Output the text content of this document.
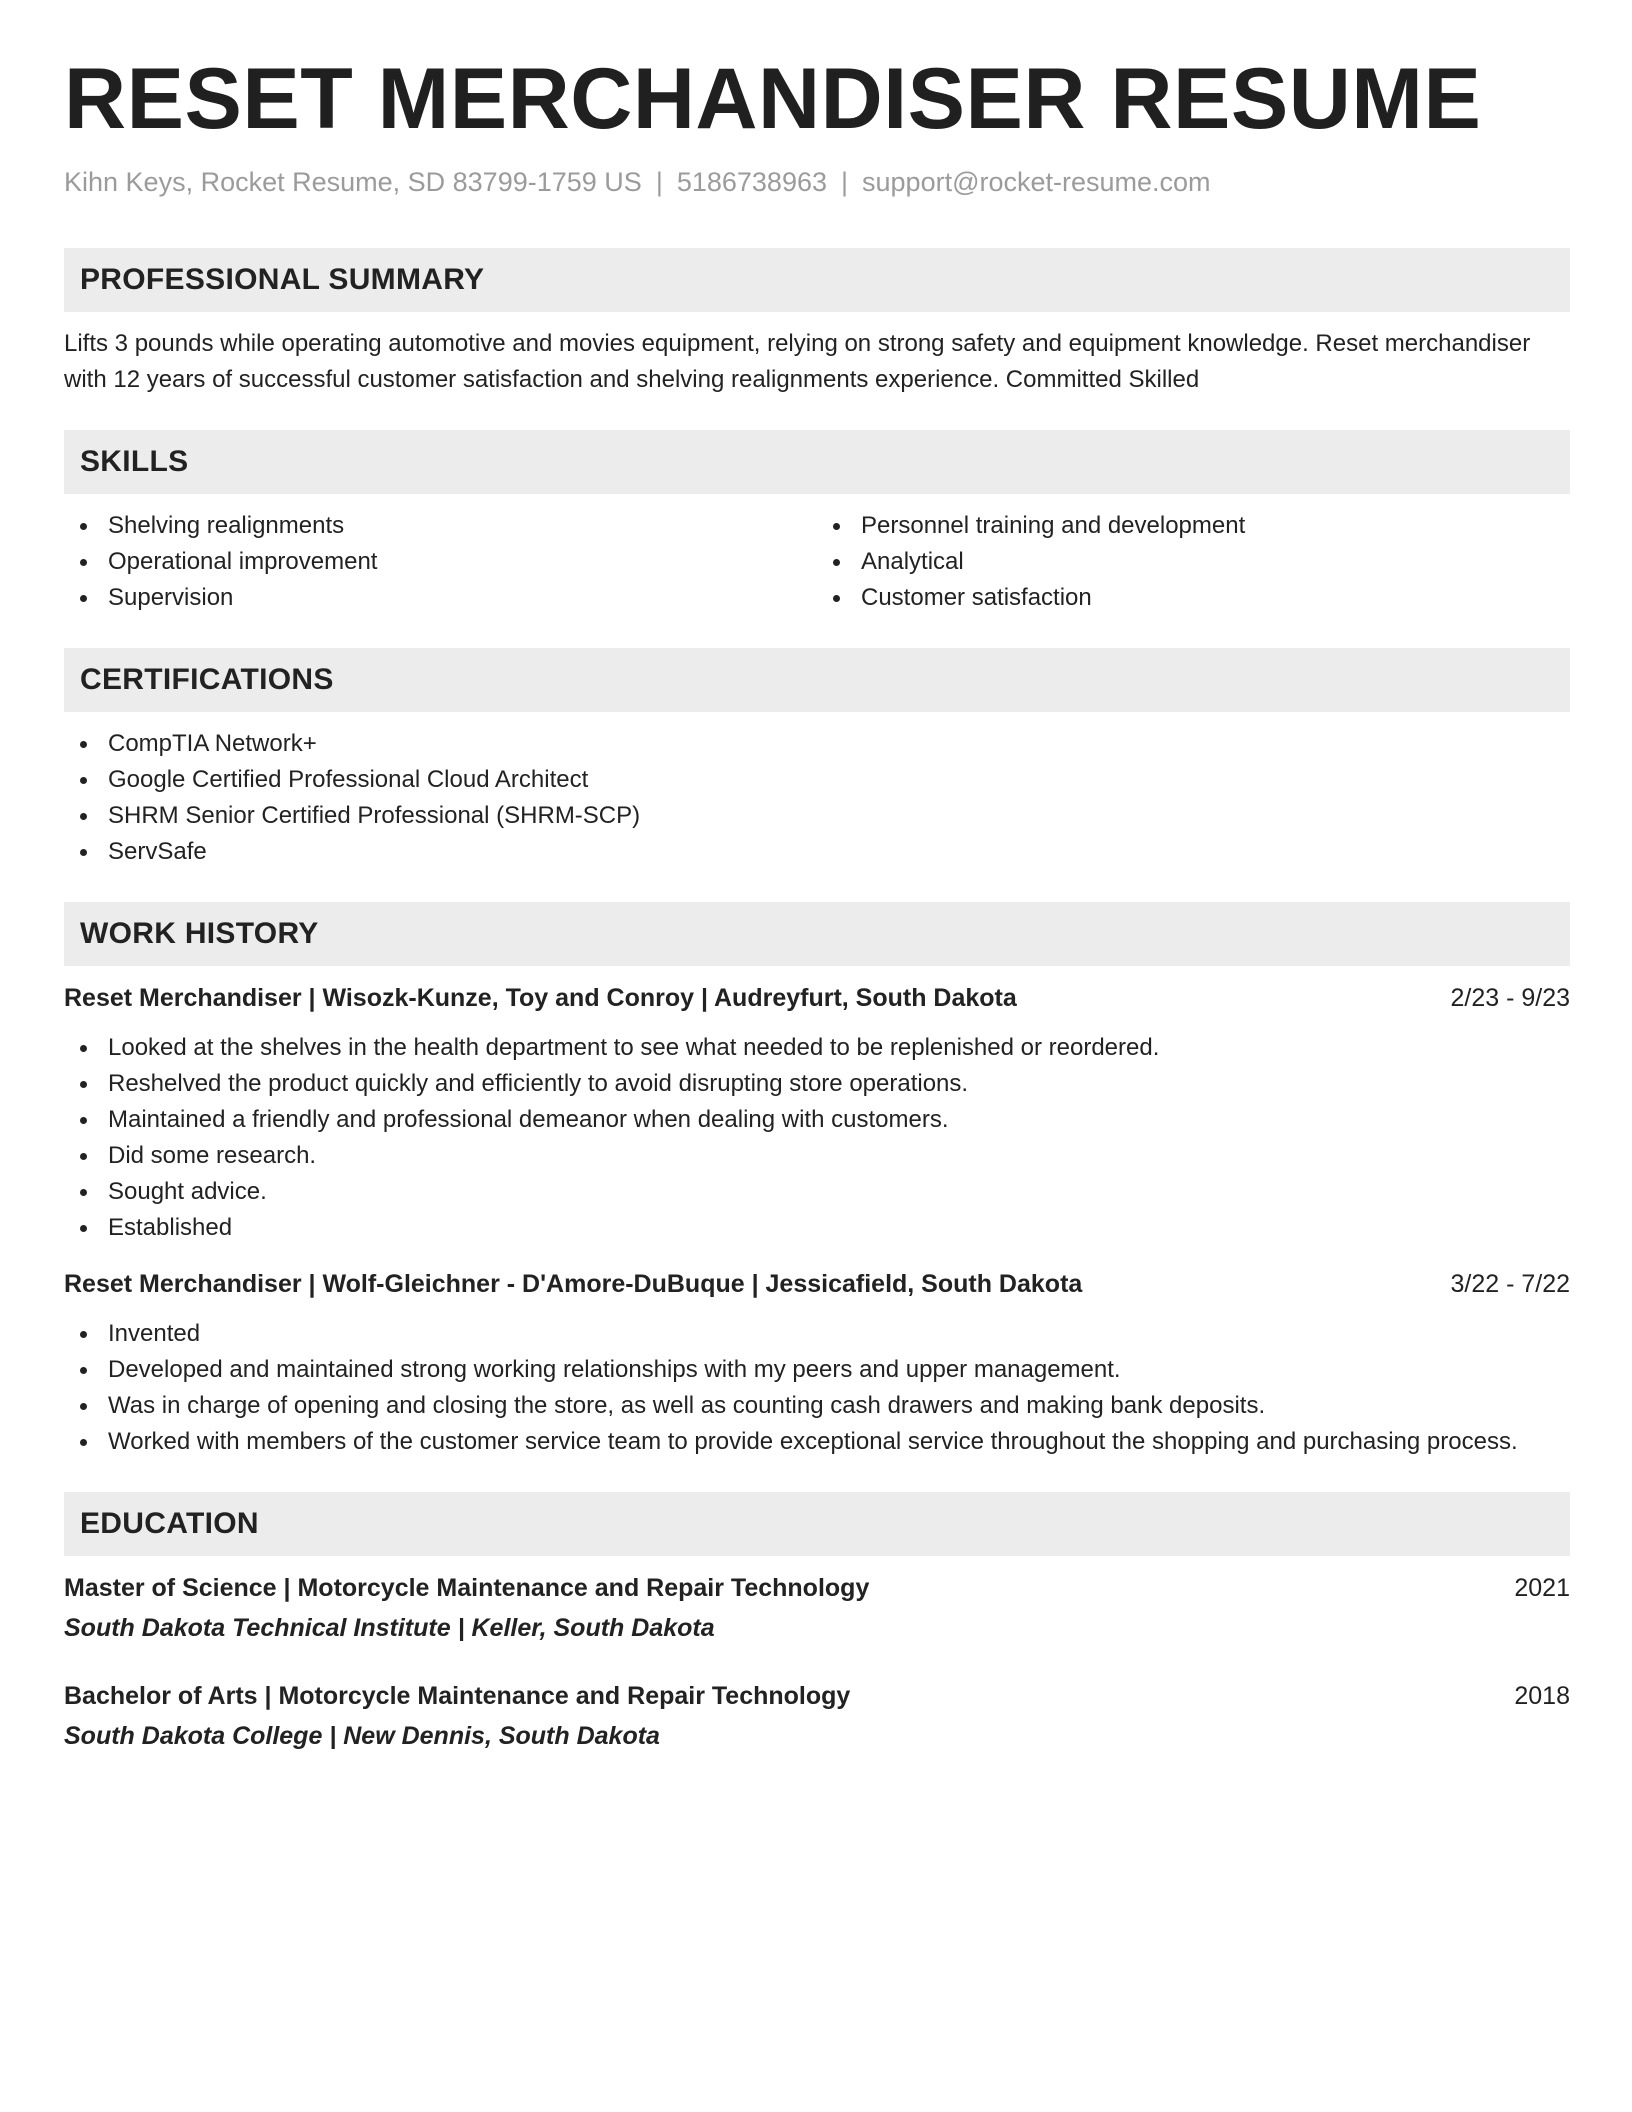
RESET MERCHANDISER RESUME
Kihn Keys, Rocket Resume, SD 83799-1759 US | 5186738963 | support@rocket-resume.com
PROFESSIONAL SUMMARY

Lifts 3 pounds while operating automotive and movies equipment, relying on strong safety and equipment knowledge. Reset merchandiser with 12 years of successful customer satisfaction and shelving realignments experience. Committed Skilled

SKILLS
Shelving realignments
Operational improvement
Supervision
Personnel training and development
Analytical
Customer satisfaction
CERTIFICATIONS
CompTIA Network+
Google Certified Professional Cloud Architect
SHRM Senior Certified Professional (SHRM-SCP)
ServSafe
WORK HISTORY
Reset Merchandiser | Wisozk-Kunze, Toy and Conroy | Audreyfurt, South Dakota	2/23 - 9/23
Looked at the shelves in the health department to see what needed to be replenished or reordered.
Reshelved the product quickly and efficiently to avoid disrupting store operations.
Maintained a friendly and professional demeanor when dealing with customers.
Did some research.
Sought advice.
Established
Reset Merchandiser | Wolf-Gleichner - D'Amore-DuBuque | Jessicafield, South Dakota	3/22 - 7/22
Invented
Developed and maintained strong working relationships with my peers and upper management.
Was in charge of opening and closing the store, as well as counting cash drawers and making bank deposits.
Worked with members of the customer service team to provide exceptional service throughout the shopping and purchasing process.
EDUCATION
Master of Science | Motorcycle Maintenance and Repair Technology	2021
South Dakota Technical Institute | Keller, South Dakota
Bachelor of Arts | Motorcycle Maintenance and Repair Technology	2018
South Dakota College | New Dennis, South Dakota
